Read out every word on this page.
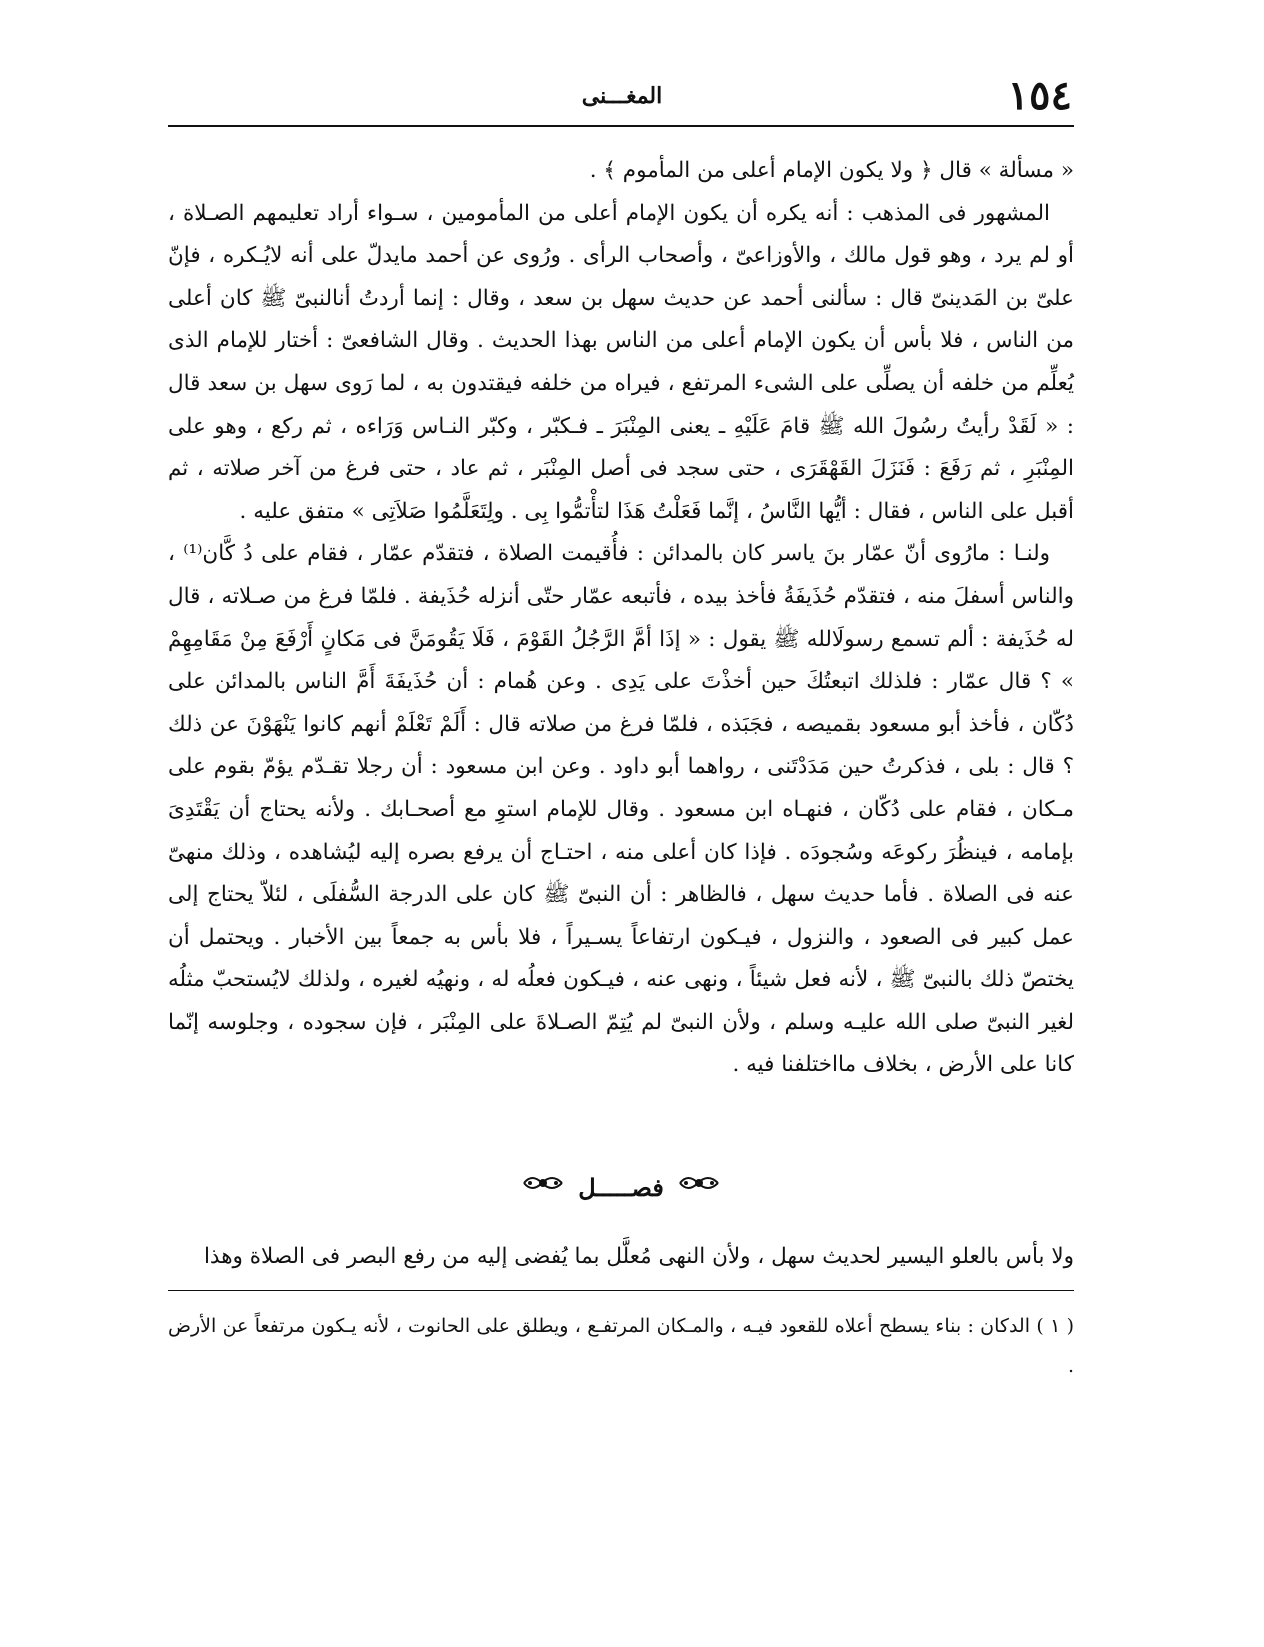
١٥٤
المغـــنى

« مسألة » قال ﴿ ولا يكون الإمام أعلى من المأموم ﴾ .

المشهور فى المذهب : أنه يكره أن يكون الإمام أعلى من المأمومين ، سـواء أراد تعليمهم الصـلاة ، أو لم يرد ، وهو قول مالك ، والأوزاعىّ ، وأصحاب الرأى . ورُوى عن أحمد مايدلّ على أنه لايُـكره ، فإنّ علىّ بن المَدينىّ قال : سألنى أحمد عن حديث سهل بن سعد ، وقال : إنما أردتُ أنالنبىّ ﷺ كان أعلى من الناس ، فلا بأس أن يكون الإمام أعلى من الناس بهذا الحديث . وقال الشافعىّ : أختار للإمام الذى يُعلِّم من خلفه أن يصلِّى على الشىء المرتفع ، فيراه من خلفه فيقتدون به ، لما رَوى سهل بن سعد قال : « لَقَدْ رأيتُ رسُولَ الله ﷺ قامَ عَلَيْهِ ـ يعنى المِنْبَرَ ـ فـكبّر ، وكبّر النـاس وَرَاءه ، ثم ركع ، وهو على المِنْبَرِ ، ثم رَفَعَ : فَنَزَلَ القَهْقَرَى ، حتى سجد فى أصل المِنْبَر ، ثم عاد ، حتى فرغ من آخر صلاته ، ثم أقبل على الناس ، فقال : أيُّها النَّاسُ ، إنَّما فَعَلْتُ هَذَا لتأْتمُّوا بِى . ولِتَعَلَّمُوا صَلاَتِى » متفق عليه .

ولنـا : مارُوى أنّ عمّار بنَ ياسر كان بالمدائن : فأُقيمت الصلاة ، فتقدّم عمّار ، فقام على دُ كَّان⁽¹⁾ ، والناس أسفلَ منه ، فتقدّم حُذَيفَةُ فأخذ بيده ، فأتبعه عمّار حتّى أنزله حُذَيفة . فلمّا فرغ من صـلاته ، قال له حُذَيفة : ألم تسمع رسولَالله ﷺ يقول : « إذَا أمَّ الرَّجُلُ القَوْمَ ، فَلَا يَقُومَنَّ فى مَكانٍ أَرْفَعَ مِنْ مَقَامِهِمْ » ؟ قال عمّار : فلذلك اتبعتُكَ حين أخذْتَ على يَدِى . وعن هُمام : أن حُذَيفَةَ أَمَّ الناس بالمدائن على دُكّان ، فأخذ أبو مسعود بقميصه ، فجَبَذه ، فلمّا فرغ من صلاته قال : أَلَمْ تَعْلَمْ أنهم كانوا يَنْهَوْنَ عن ذلك ؟ قال : بلى ، فذكرتُ حين مَدَدْتَنى ، رواهما أبو داود . وعن ابن مسعود : أن رجلا تقـدّم يؤمّ بقوم على مـكان ، فقام على دُكّان ، فنهـاه ابن مسعود . وقال للإمام استوِ مع أصحـابك . ولأنه يحتاج أن يَقْتَدِىَ بإمامه ، فينظُرَ ركوعَه وسُجودَه . فإذا كان أعلى منه ، احتـاج أن يرفع بصره إليه ليُشاهده ، وذلك منهىّ عنه فى الصلاة . فأما حديث سهل ، فالظاهر : أن النبىّ ﷺ كان على الدرجة السُّفلَى ، لئلاّ يحتاج إلى عمل كبير فى الصعود ، والنزول ، فيـكون ارتفاعاً يسـيراً ، فلا بأس به جمعاً بين الأخبار . ويحتمل أن يختصّ ذلك بالنبىّ ﷺ ، لأنه فعل شيئاً ، ونهى عنه ، فيـكون فعلُه له ، ونهيُه لغيره ، ولذلك لايُستحبّ مثلُه لغير النبىّ صلى الله عليـه وسلم ، ولأن النبىّ لم يُتِمّ الصـلاةَ على المِنْبَر ، فإن سجوده ، وجلوسه إنّما كانا على الأرض ، بخلاف مااختلفنا فيه .

فصـــــل

ولا بأس بالعلو اليسير لحديث سهل ، ولأن النهى مُعلَّل بما يُفضى إليه من رفع البصر فى الصلاة وهذا

( ١ ) الدكان : بناء يسطح أعلاه للقعود فيـه ، والمـكان المرتفـع ، ويطلق على الحانوت ، لأنه يـكون مرتفعاً عن الأرض .
